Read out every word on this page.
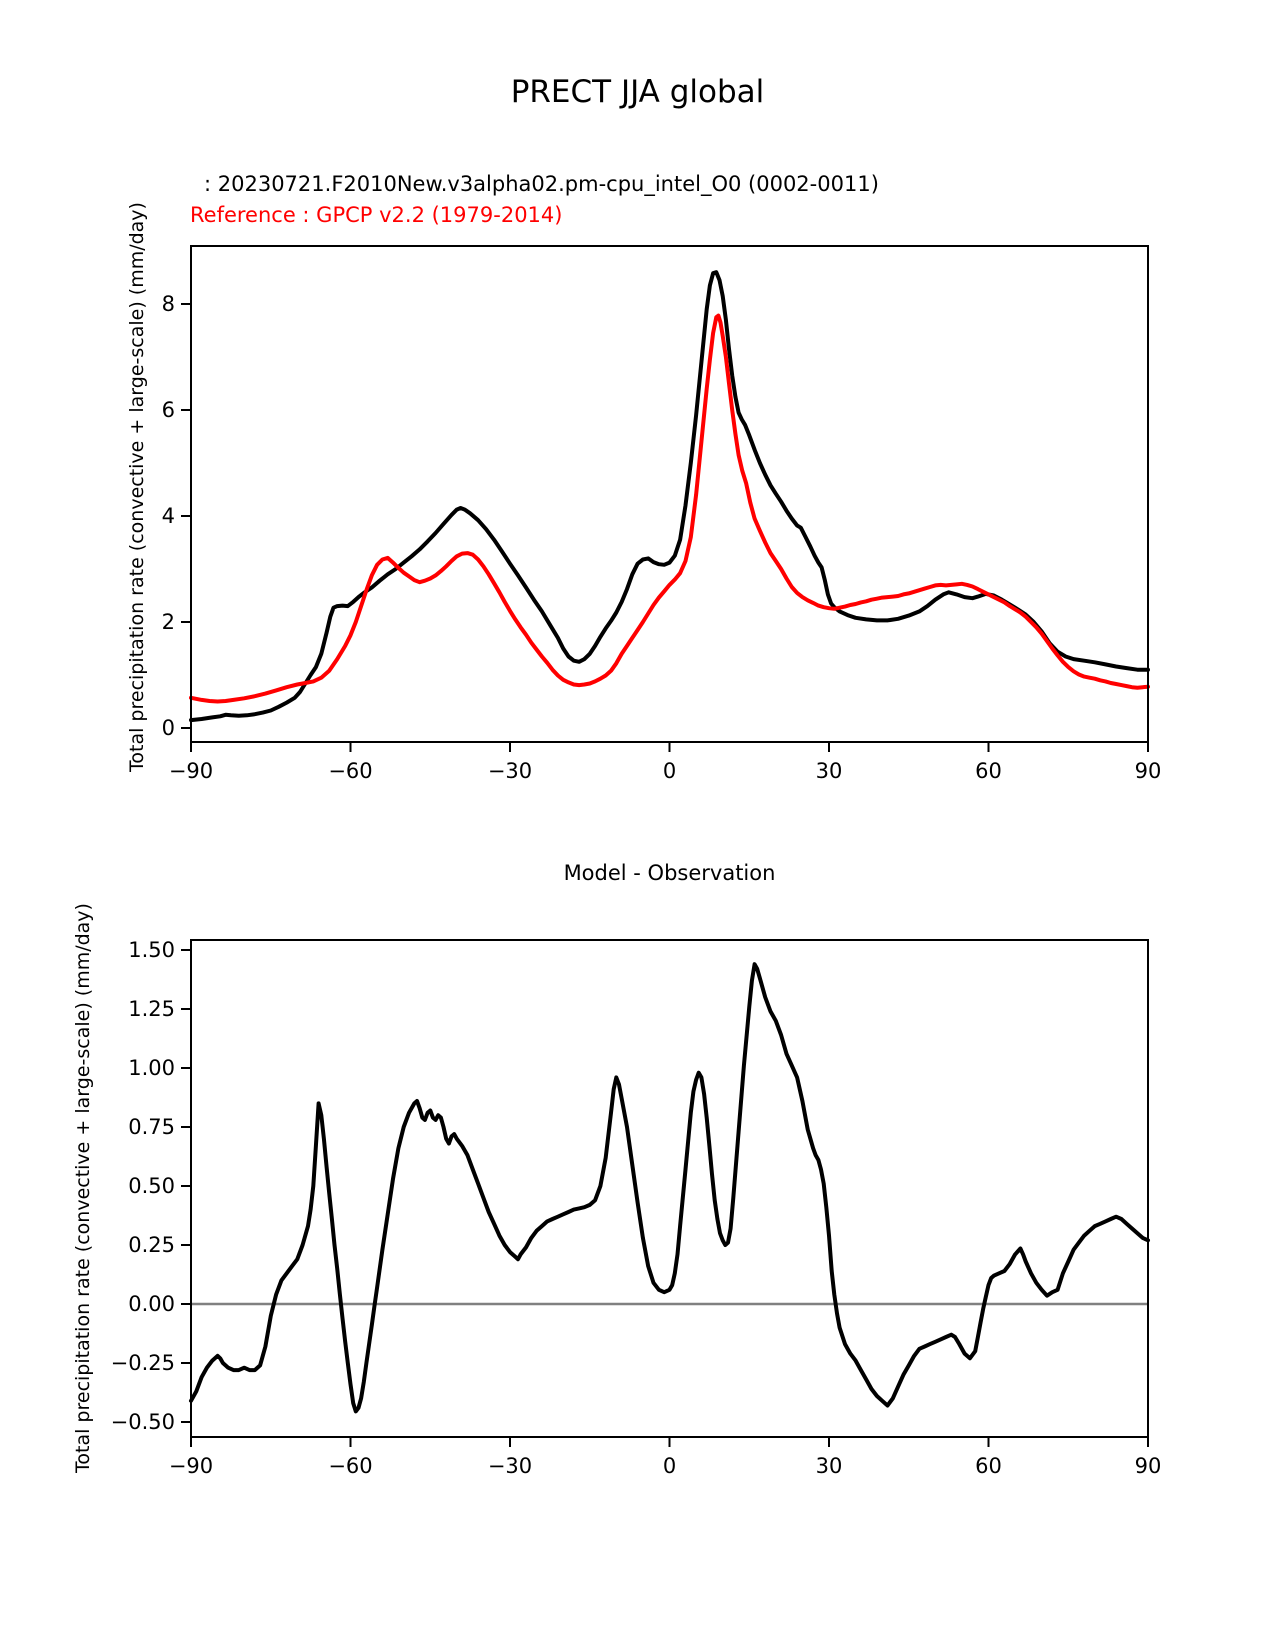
PRECT JJA global
: 20230721.F2010New.v3alpha02.pm-cpu_intel_O0 (0002-0011)
Reference : GPCP v2.2 (1979-2014)
Total precipitation rate (convective + large-scale) (mm/day)
Total precipitation rate (convective + large-scale) (mm/day)
Model - Observation
−90	−60	−30	0	30	60	90
0
2
4
6
8
−90	−60	−30	0	30	60	90
−0.50
−0.25
0.00
0.25
0.50
0.75
1.00
1.25
1.50
